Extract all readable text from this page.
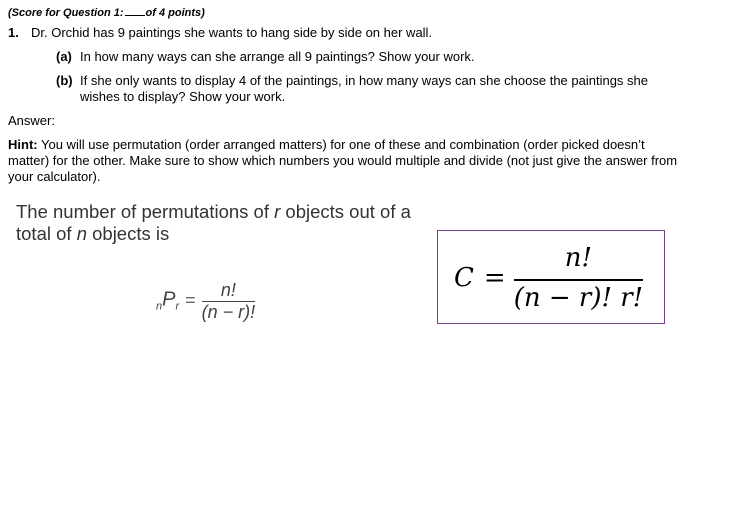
(Score for Question 1: of 4 points)
1. Dr. Orchid has 9 paintings she wants to hang side by side on her wall.
(a) In how many ways can she arrange all 9 paintings? Show your work.
(b) If she only wants to display 4 of the paintings, in how many ways can she choose the paintings she wishes to display? Show your work.
Answer:
Hint: You will use permutation (order arranged matters) for one of these and combination (order picked doesn’t matter) for the other. Make sure to show which numbers you would multiple and divide (not just give the answer from your calculator).
The number of permutations of r objects out of a total of n objects is
$_nP_r = \frac{n!}{(n - r)!}$
$C = \frac{n!}{(n - r)! r!}$
